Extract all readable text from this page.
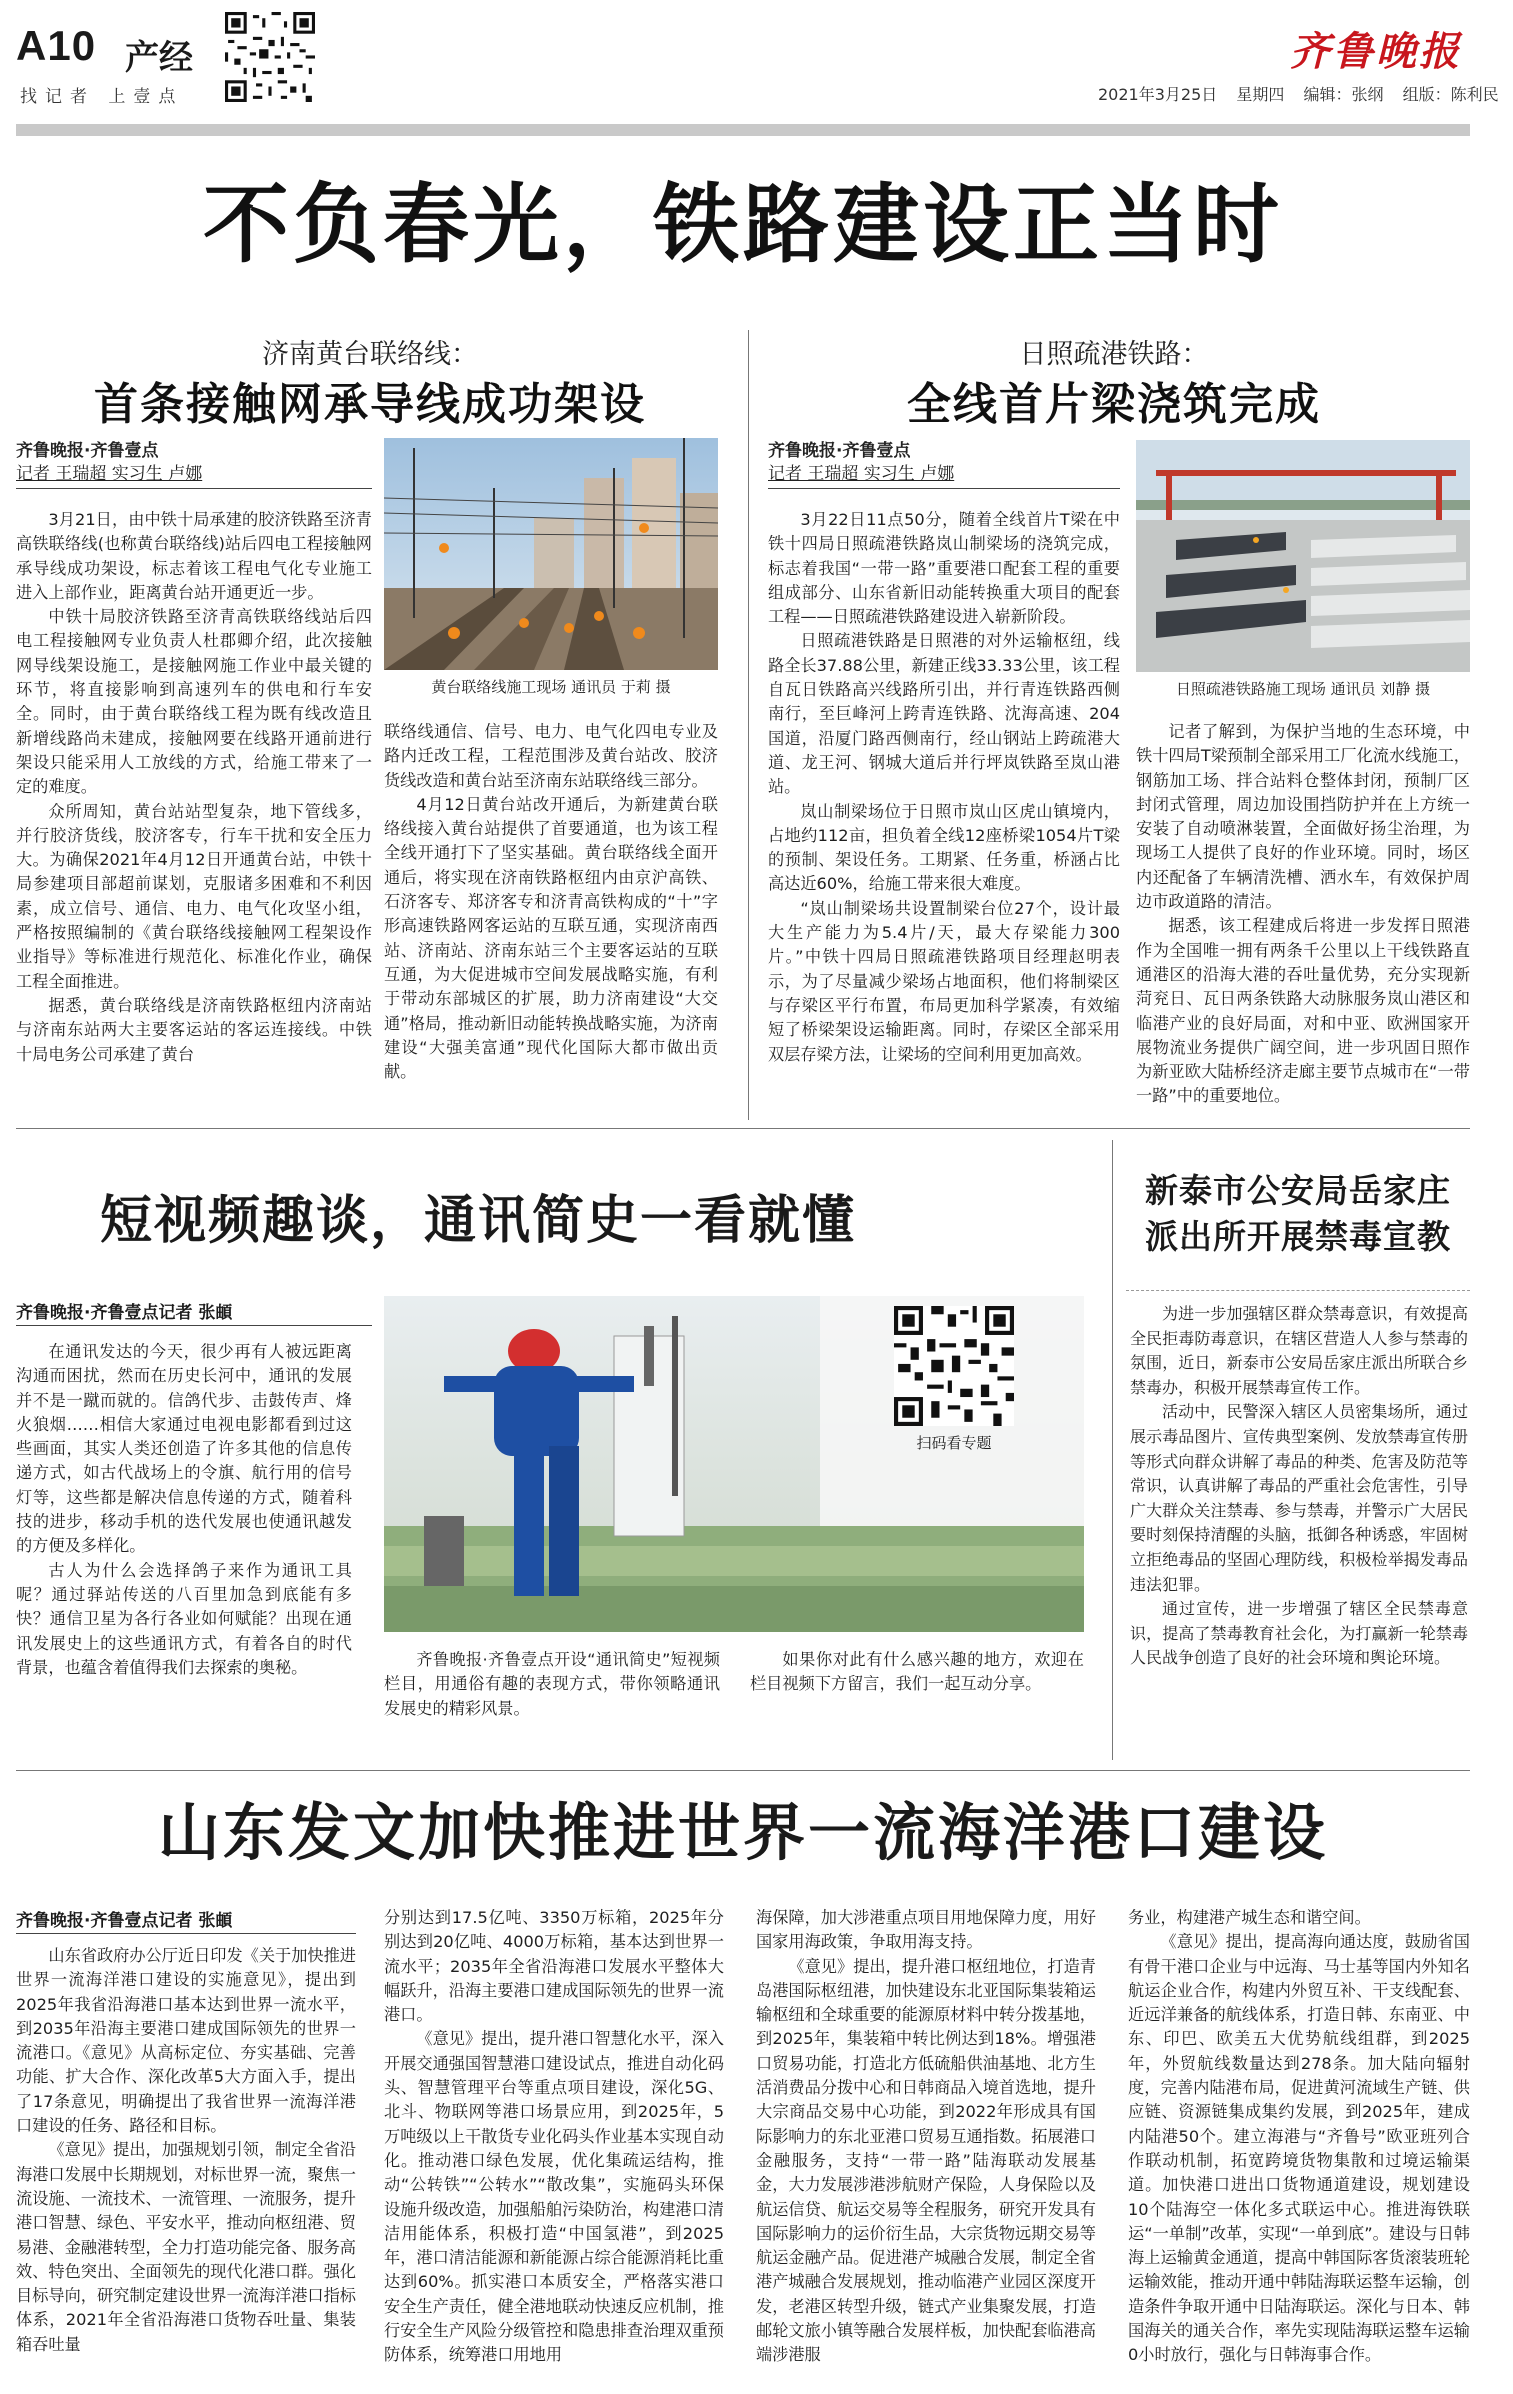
A10 产经
找记者 上壹点
齐鲁晚报
2021年3月25日 星期四 编辑：张纲 组版：陈利民
不负春光，铁路建设正当时
济南黄台联络线：
首条接触网承导线成功架设
齐鲁晚报·齐鲁壹点
记者 王瑞超 实习生 卢娜

3月21日，由中铁十局承建的胶济铁路至济青高铁联络线(也称黄台联络线)站后四电工程接触网承导线成功架设，标志着该工程电气化专业施工进入上部作业，距离黄台站开通更近一步。

中铁十局胶济铁路至济青高铁联络线站后四电工程接触网专业负责人杜郡卿介绍，此次接触网导线架设施工，是接触网施工作业中最关键的环节，将直接影响到高速列车的供电和行车安全。同时，由于黄台联络线工程为既有线改造且新增线路尚未建成，接触网要在线路开通前进行架设只能采用人工放线的方式，给施工带来了一定的难度。

众所周知，黄台站站型复杂，地下管线多，并行胶济货线，胶济客专，行车干扰和安全压力大。为确保2021年4月12日开通黄台站，中铁十局参建项目部超前谋划，克服诸多困难和不利因素，成立信号、通信、电力、电气化攻坚小组，严格按照编制的《黄台联络线接触网工程架设作业指导》等标准进行规范化、标准化作业，确保工程全面推进。

据悉，黄台联络线是济南铁路枢纽内济南站与济南东站两大主要客运站的客运连接线。中铁十局电务公司承建了黄台

黄台联络线施工现场 通讯员 于莉 摄

联络线通信、信号、电力、电气化四电专业及路内迁改工程，工程范围涉及黄台站改、胶济货线改造和黄台站至济南东站联络线三部分。

4月12日黄台站改开通后，为新建黄台联络线接入黄台站提供了首要通道，也为该工程全线开通打下了坚实基础。黄台联络线全面开通后，将实现在济南铁路枢纽内由京沪高铁、石济客专、郑济客专和济青高铁构成的“十”字形高速铁路网客运站的互联互通，实现济南西站、济南站、济南东站三个主要客运站的互联互通，为大促进城市空间发展战略实施，有利于带动东部城区的扩展，助力济南建设“大交通”格局，推动新旧动能转换战略实施，为济南建设“大强美富通”现代化国际大都市做出贡献。

日照疏港铁路：
全线首片梁浇筑完成
齐鲁晚报·齐鲁壹点
记者 王瑞超 实习生 卢娜

3月22日11点50分，随着全线首片T梁在中铁十四局日照疏港铁路岚山制梁场的浇筑完成，标志着我国“一带一路”重要港口配套工程的重要组成部分、山东省新旧动能转换重大项目的配套工程——日照疏港铁路建设进入崭新阶段。

日照疏港铁路是日照港的对外运输枢纽，线路全长37.88公里，新建正线33.33公里，该工程自瓦日铁路高兴线路所引出，并行青连铁路西侧南行，至巨峰河上跨青连铁路、沈海高速、204国道，沿厦门路西侧南行，经山钢站上跨疏港大道、龙王河、钢城大道后并行坪岚铁路至岚山港站。

岚山制梁场位于日照市岚山区虎山镇境内，占地约112亩，担负着全线12座桥梁1054片T梁的预制、架设任务。工期紧、任务重，桥涵占比高达近60%，给施工带来很大难度。

“岚山制梁场共设置制梁台位27个，设计最大生产能力为5.4片/天，最大存梁能力300片。”中铁十四局日照疏港铁路项目经理赵明表示，为了尽量减少梁场占地面积，他们将制梁区与存梁区平行布置，布局更加科学紧凑，有效缩短了桥梁架设运输距离。同时，存梁区全部采用双层存梁方法，让梁场的空间利用更加高效。

日照疏港铁路施工现场 通讯员 刘静 摄

记者了解到，为保护当地的生态环境，中铁十四局T梁预制全部采用工厂化流水线施工，钢筋加工场、拌合站料仓整体封闭，预制厂区封闭式管理，周边加设围挡防护并在上方统一安装了自动喷淋装置，全面做好扬尘治理，为现场工人提供了良好的作业环境。同时，场区内还配备了车辆清洗槽、洒水车，有效保护周边市政道路的清洁。

据悉，该工程建成后将进一步发挥日照港作为全国唯一拥有两条千公里以上干线铁路直通港区的沿海大港的吞吐量优势，充分实现新菏兖日、瓦日两条铁路大动脉服务岚山港区和临港产业的良好局面，对和中亚、欧洲国家开展物流业务提供广阔空间，进一步巩固日照作为新亚欧大陆桥经济走廊主要节点城市在“一带一路”中的重要地位。

短视频趣谈，通讯简史一看就懂
齐鲁晚报·齐鲁壹点记者 张頔

在通讯发达的今天，很少再有人被远距离沟通而困扰，然而在历史长河中，通讯的发展并不是一蹴而就的。信鸽代步、击鼓传声、烽火狼烟……相信大家通过电视电影都看到过这些画面，其实人类还创造了许多其他的信息传递方式，如古代战场上的令旗、航行用的信号灯等，这些都是解决信息传递的方式，随着科技的进步，移动手机的迭代发展也使通讯越发的方便及多样化。

古人为什么会选择鸽子来作为通讯工具呢？通过驿站传送的八百里加急到底能有多快？通信卫星为各行各业如何赋能？出现在通讯发展史上的这些通讯方式，有着各自的时代背景，也蕴含着值得我们去探索的奥秘。

扫码看专题

齐鲁晚报·齐鲁壹点开设“通讯简史”短视频栏目，用通俗有趣的表现方式，带你领略通讯发展史的精彩风景。

如果你对此有什么感兴趣的地方，欢迎在栏目视频下方留言，我们一起互动分享。

新泰市公安局岳家庄
派出所开展禁毒宣教

为进一步加强辖区群众禁毒意识，有效提高全民拒毒防毒意识，在辖区营造人人参与禁毒的氛围，近日，新泰市公安局岳家庄派出所联合乡禁毒办，积极开展禁毒宣传工作。

活动中，民警深入辖区人员密集场所，通过展示毒品图片、宣传典型案例、发放禁毒宣传册等形式向群众讲解了毒品的种类、危害及防范等常识，认真讲解了毒品的严重社会危害性，引导广大群众关注禁毒、参与禁毒，并警示广大居民要时刻保持清醒的头脑，抵御各种诱惑，牢固树立拒绝毒品的坚固心理防线，积极检举揭发毒品违法犯罪。

通过宣传，进一步增强了辖区全民禁毒意识，提高了禁毒教育社会化，为打赢新一轮禁毒人民战争创造了良好的社会环境和舆论环境。

山东发文加快推进世界一流海洋港口建设
齐鲁晚报·齐鲁壹点记者 张頔

山东省政府办公厅近日印发《关于加快推进世界一流海洋港口建设的实施意见》，提出到2025年我省沿海港口基本达到世界一流水平，到2035年沿海主要港口建成国际领先的世界一流港口。《意见》从高标定位、夯实基础、完善功能、扩大合作、深化改革5大方面入手，提出了17条意见，明确提出了我省世界一流海洋港口建设的任务、路径和目标。

《意见》提出，加强规划引领，制定全省沿海港口发展中长期规划，对标世界一流，聚焦一流设施、一流技术、一流管理、一流服务，提升港口智慧、绿色、平安水平，推动向枢纽港、贸易港、金融港转型，全力打造功能完备、服务高效、特色突出、全面领先的现代化港口群。强化目标导向，研究制定建设世界一流海洋港口指标体系，2021年全省沿海港口货物吞吐量、集装箱吞吐量

分别达到17.5亿吨、3350万标箱，2025年分别达到20亿吨、4000万标箱，基本达到世界一流水平；2035年全省沿海港口发展水平整体大幅跃升，沿海主要港口建成国际领先的世界一流港口。

《意见》提出，提升港口智慧化水平，深入开展交通强国智慧港口建设试点，推进自动化码头、智慧管理平台等重点项目建设，深化5G、北斗、物联网等港口场景应用，到2025年，5万吨级以上干散货专业化码头作业基本实现自动化。推动港口绿色发展，优化集疏运结构，推动“公转铁”“公转水”“散改集”，实施码头环保设施升级改造，加强船舶污染防治，构建港口清洁用能体系，积极打造“中国氢港”，到2025年，港口清洁能源和新能源占综合能源消耗比重达到60%。抓实港口本质安全，严格落实港口安全生产责任，健全港地联动快速反应机制，推行安全生产风险分级管控和隐患排查治理双重预防体系，统筹港口用地用

海保障，加大涉港重点项目用地保障力度，用好国家用海政策，争取用海支持。

《意见》提出，提升港口枢纽地位，打造青岛港国际枢纽港，加快建设东北亚国际集装箱运输枢纽和全球重要的能源原材料中转分拨基地，到2025年，集装箱中转比例达到18%。增强港口贸易功能，打造北方低硫船供油基地、北方生活消费品分拨中心和日韩商品入境首选地，提升大宗商品交易中心功能，到2022年形成具有国际影响力的东北亚港口贸易互通指数。拓展港口金融服务，支持“一带一路”陆海联动发展基金，大力发展涉港涉航财产保险，人身保险以及航运信贷、航运交易等全程服务，研究开发具有国际影响力的运价衍生品，大宗货物远期交易等航运金融产品。促进港产城融合发展，制定全省港产城融合发展规划，推动临港产业园区深度开发，老港区转型升级，链式产业集聚发展，打造邮轮文旅小镇等融合发展样板，加快配套临港高端涉港服

务业，构建港产城生态和谐空间。

《意见》提出，提高海向通达度，鼓励省国有骨干港口企业与中远海、马士基等国内外知名航运企业合作，构建内外贸互补、干支线配套、近远洋兼备的航线体系，打造日韩、东南亚、中东、印巴、欧美五大优势航线组群，到2025年，外贸航线数量达到278条。加大陆向辐射度，完善内陆港布局，促进黄河流域生产链、供应链、资源链集成集约发展，到2025年，建成内陆港50个。建立海港与“齐鲁号”欧亚班列合作联动机制，拓宽跨境货物集散和过境运输渠道。加快港口进出口货物通道建设，规划建设10个陆海空一体化多式联运中心。推进海铁联运“一单制”改革，实现“一单到底”。建设与日韩海上运输黄金通道，提高中韩国际客货滚装班轮运输效能，推动开通中韩陆海联运整车运输，创造条件争取开通中日陆海联运。深化与日本、韩国海关的通关合作，率先实现陆海联运整车运输0小时放行，强化与日韩海事合作。
